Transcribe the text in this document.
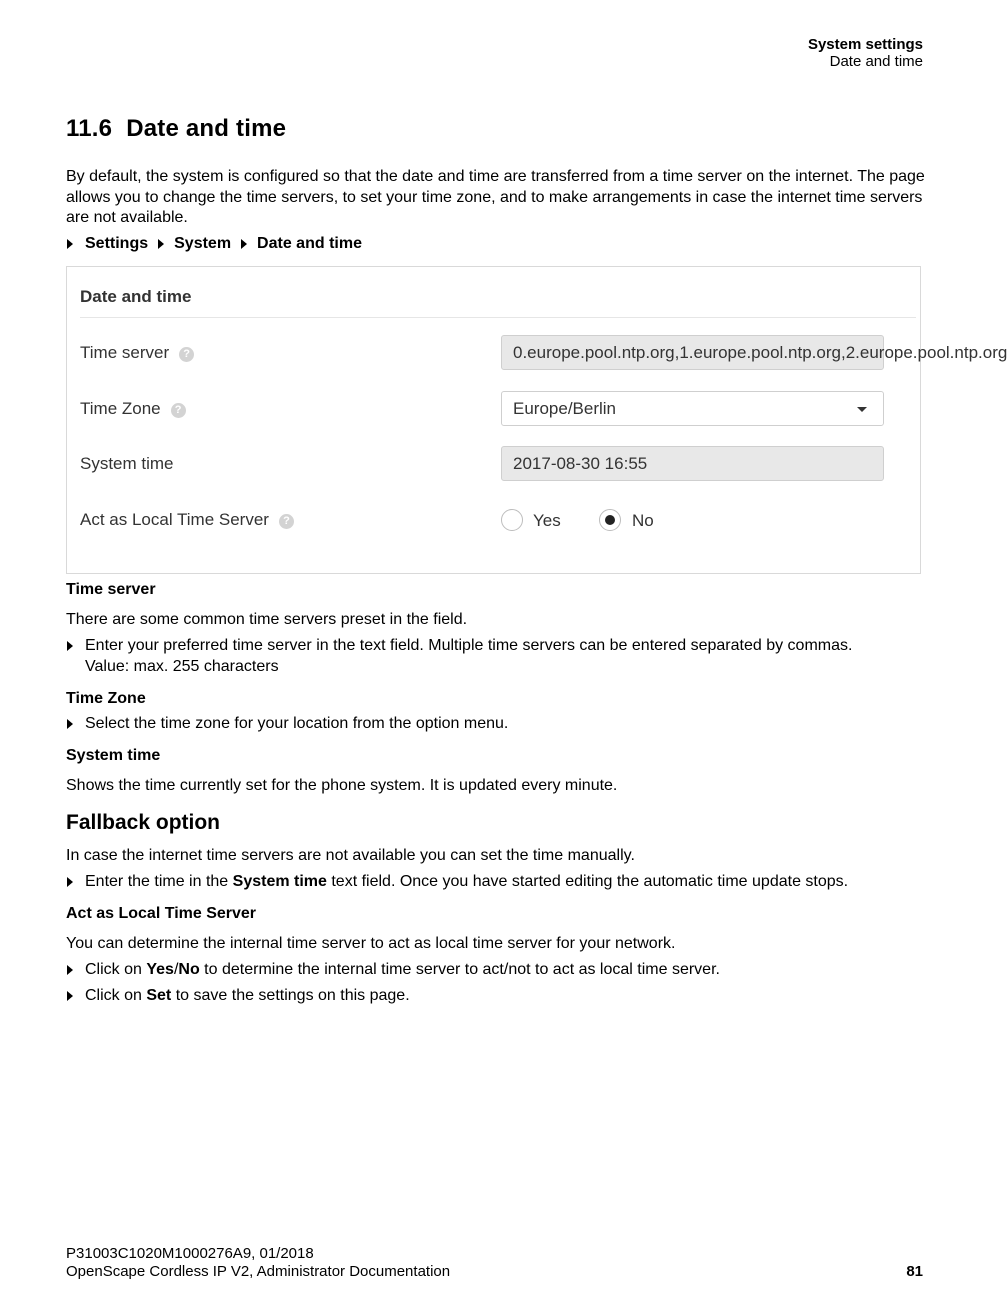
System settings
Date and time
11.6 Date and time
By default, the system is configured so that the date and time are transferred from a time server on the internet. The page allows you to change the time servers, to set your time zone, and to make arrangements in case the internet time servers are not available.
Settings System Date and time
Date and time
Time server ?	0.europe.pool.ntp.org,1.europe.pool.ntp.org,2.europe.pool.ntp.org
Time Zone ?	Europe/Berlin
System time	2017-08-30 16:55
Act as Local Time Server ?	Yes	No
Time server
There are some common time servers preset in the field.
Enter your preferred time server in the text field. Multiple time servers can be entered separated by commas.
Value: max. 255 characters
Time Zone
Select the time zone for your location from the option menu.
System time
Shows the time currently set for the phone system. It is updated every minute.
Fallback option
In case the internet time servers are not available you can set the time manually.
Enter the time in the System time text field. Once you have started editing the automatic time update stops.
Act as Local Time Server
You can determine the internal time server to act as local time server for your network.
Click on Yes/No to determine the internal time server to act/not to act as local time server.
Click on Set to save the settings on this page.
P31003C1020M1000276A9, 01/2018
OpenScape Cordless IP V2, Administrator Documentation	81
